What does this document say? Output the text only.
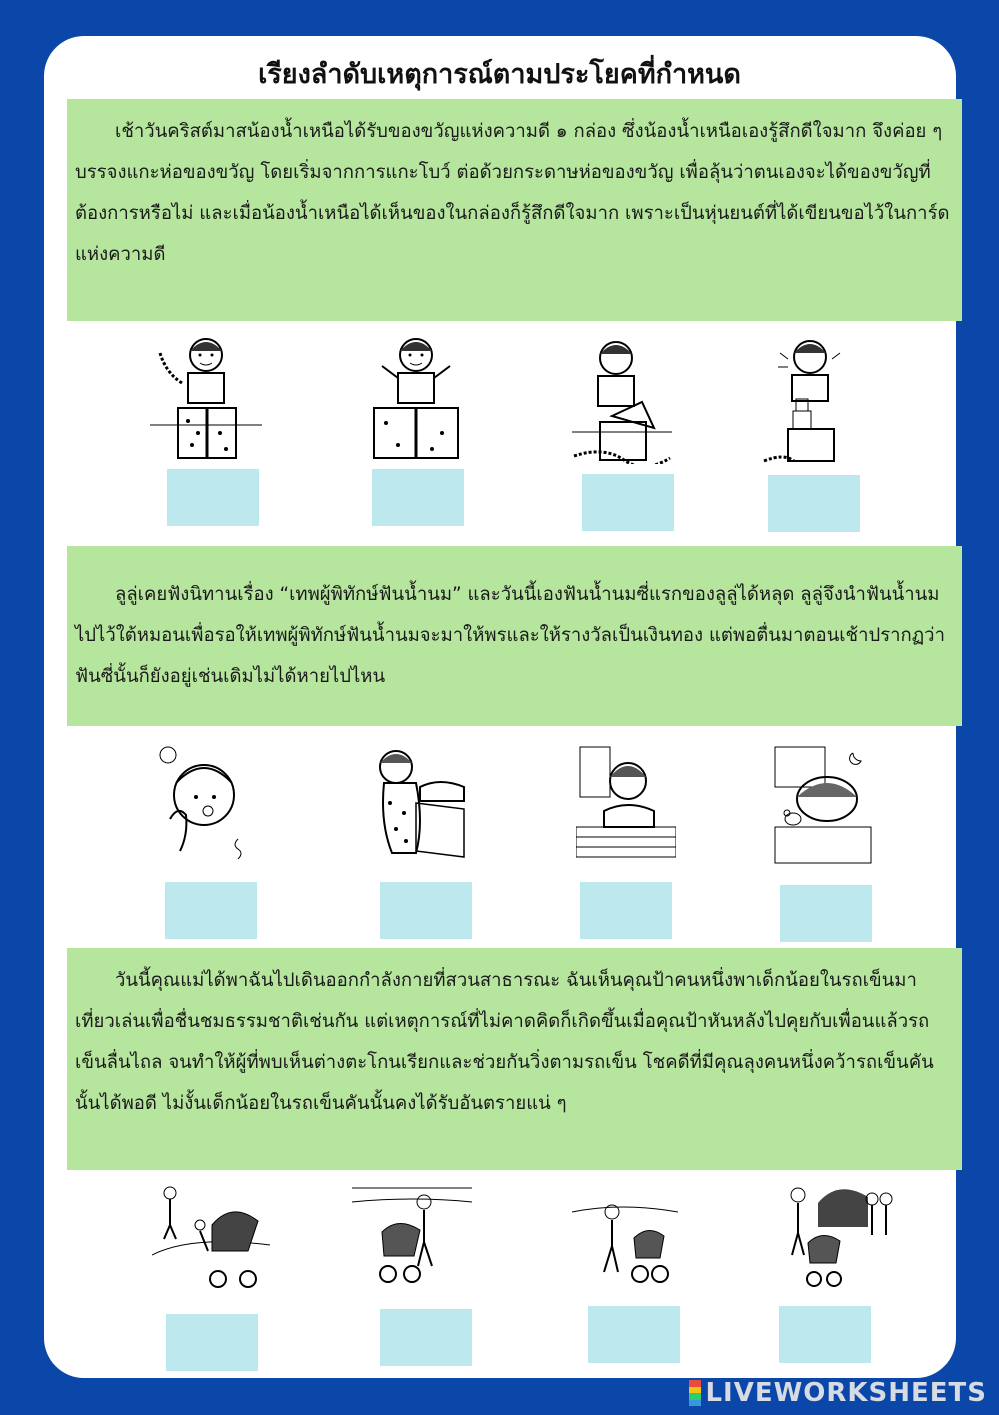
เรียงลำดับเหตุการณ์ตามประโยคที่กำหนด

เช้าวันคริสต์มาสน้องน้ำเหนือได้รับของขวัญแห่งความดี ๑ กล่อง ซึ่งน้องน้ำเหนือเองรู้สึกดีใจมาก จึงค่อย ๆ บรรจงแกะห่อของขวัญ โดยเริ่มจากการแกะโบว์ ต่อด้วยกระดาษห่อของขวัญ เพื่อลุ้นว่าตนเองจะได้ของขวัญที่ต้องการหรือไม่ และเมื่อน้องน้ำเหนือได้เห็นของในกล่องก็รู้สึกดีใจมาก เพราะเป็นหุ่นยนต์ที่ได้เขียนขอไว้ในการ์ดแห่งความดี

ลูลู่เคยฟังนิทานเรื่อง “เทพผู้พิทักษ์ฟันน้ำนม” และวันนี้เองฟันน้ำนมซี่แรกของลูลู่ได้หลุด ลูลู่จึงนำฟันน้ำนมไปไว้ใต้หมอนเพื่อรอให้เทพผู้พิทักษ์ฟันน้ำนมจะมาให้พรและให้รางวัลเป็นเงินทอง แต่พอตื่นมาตอนเช้าปรากฏว่าฟันซี่นั้นก็ยังอยู่เช่นเดิมไม่ได้หายไปไหน

วันนี้คุณแม่ได้พาฉันไปเดินออกกำลังกายที่สวนสาธารณะ ฉันเห็นคุณป้าคนหนึ่งพาเด็กน้อยในรถเข็นมาเที่ยวเล่นเพื่อชื่นชมธรรมชาติเช่นกัน แต่เหตุการณ์ที่ไม่คาดคิดก็เกิดขึ้นเมื่อคุณป้าหันหลังไปคุยกับเพื่อนแล้วรถเข็นลื่นไถล จนทำให้ผู้ที่พบเห็นต่างตะโกนเรียกและช่วยกันวิ่งตามรถเข็น โชคดีที่มีคุณลุงคนหนึ่งคว้ารถเข็นคันนั้นได้พอดี ไม่งั้นเด็กน้อยในรถเข็นคันนั้นคงได้รับอันตรายแน่ ๆ

LIVEWORKSHEETS
